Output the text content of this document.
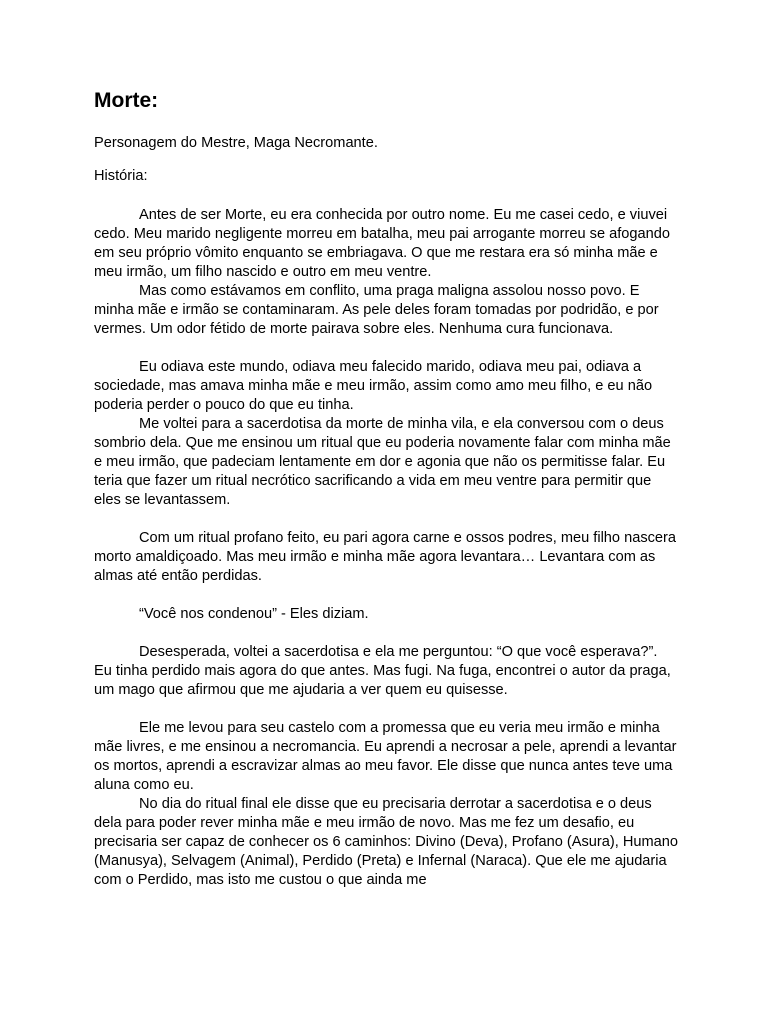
Morte:

Personagem do Mestre, Maga Necromante.

História:

Antes de ser Morte, eu era conhecida por outro nome. Eu me casei cedo, e viuvei cedo. Meu marido negligente morreu em batalha, meu pai arrogante morreu se afogando em seu próprio vômito enquanto se embriagava. O que me restara era só minha mãe e meu irmão, um filho nascido e outro em meu ventre.

Mas como estávamos em conflito, uma praga maligna assolou nosso povo. E minha mãe e irmão se contaminaram. As pele deles foram tomadas por podridão, e por vermes. Um odor fétido de morte pairava sobre eles. Nenhuma cura funcionava.

Eu odiava este mundo, odiava meu falecido marido, odiava meu pai, odiava a sociedade, mas amava minha mãe e meu irmão, assim como amo meu filho, e eu não poderia perder o pouco do que eu tinha.

Me voltei para a sacerdotisa da morte de minha vila, e ela conversou com o deus sombrio dela. Que me ensinou um ritual que eu poderia novamente falar com minha mãe e meu irmão, que padeciam lentamente em dor e agonia que não os permitisse falar. Eu teria que fazer um ritual necrótico sacrificando a vida em meu ventre para permitir que eles se levantassem.

Com um ritual profano feito, eu pari agora carne e ossos podres, meu filho nascera morto amaldiçoado. Mas meu irmão e minha mãe agora levantara… Levantara com as almas até então perdidas.

“Você nos condenou” - Eles diziam.

Desesperada, voltei a sacerdotisa e ela me perguntou: “O que você esperava?”. Eu tinha perdido mais agora do que antes. Mas fugi. Na fuga, encontrei o autor da praga, um mago que afirmou que me ajudaria a ver quem eu quisesse.

Ele me levou para seu castelo com a promessa que eu veria meu irmão e minha mãe livres, e me ensinou a necromancia. Eu aprendi a necrosar a pele, aprendi a levantar os mortos, aprendi a escravizar almas ao meu favor. Ele disse que nunca antes teve uma aluna como eu.

No dia do ritual final ele disse que eu precisaria derrotar a sacerdotisa e o deus dela para poder rever minha mãe e meu irmão de novo. Mas me fez um desafio, eu precisaria ser capaz de conhecer os 6 caminhos: Divino (Deva), Profano (Asura), Humano (Manusya), Selvagem (Animal), Perdido (Preta) e Infernal (Naraca). Que ele me ajudaria com o Perdido, mas isto me custou o que ainda me
